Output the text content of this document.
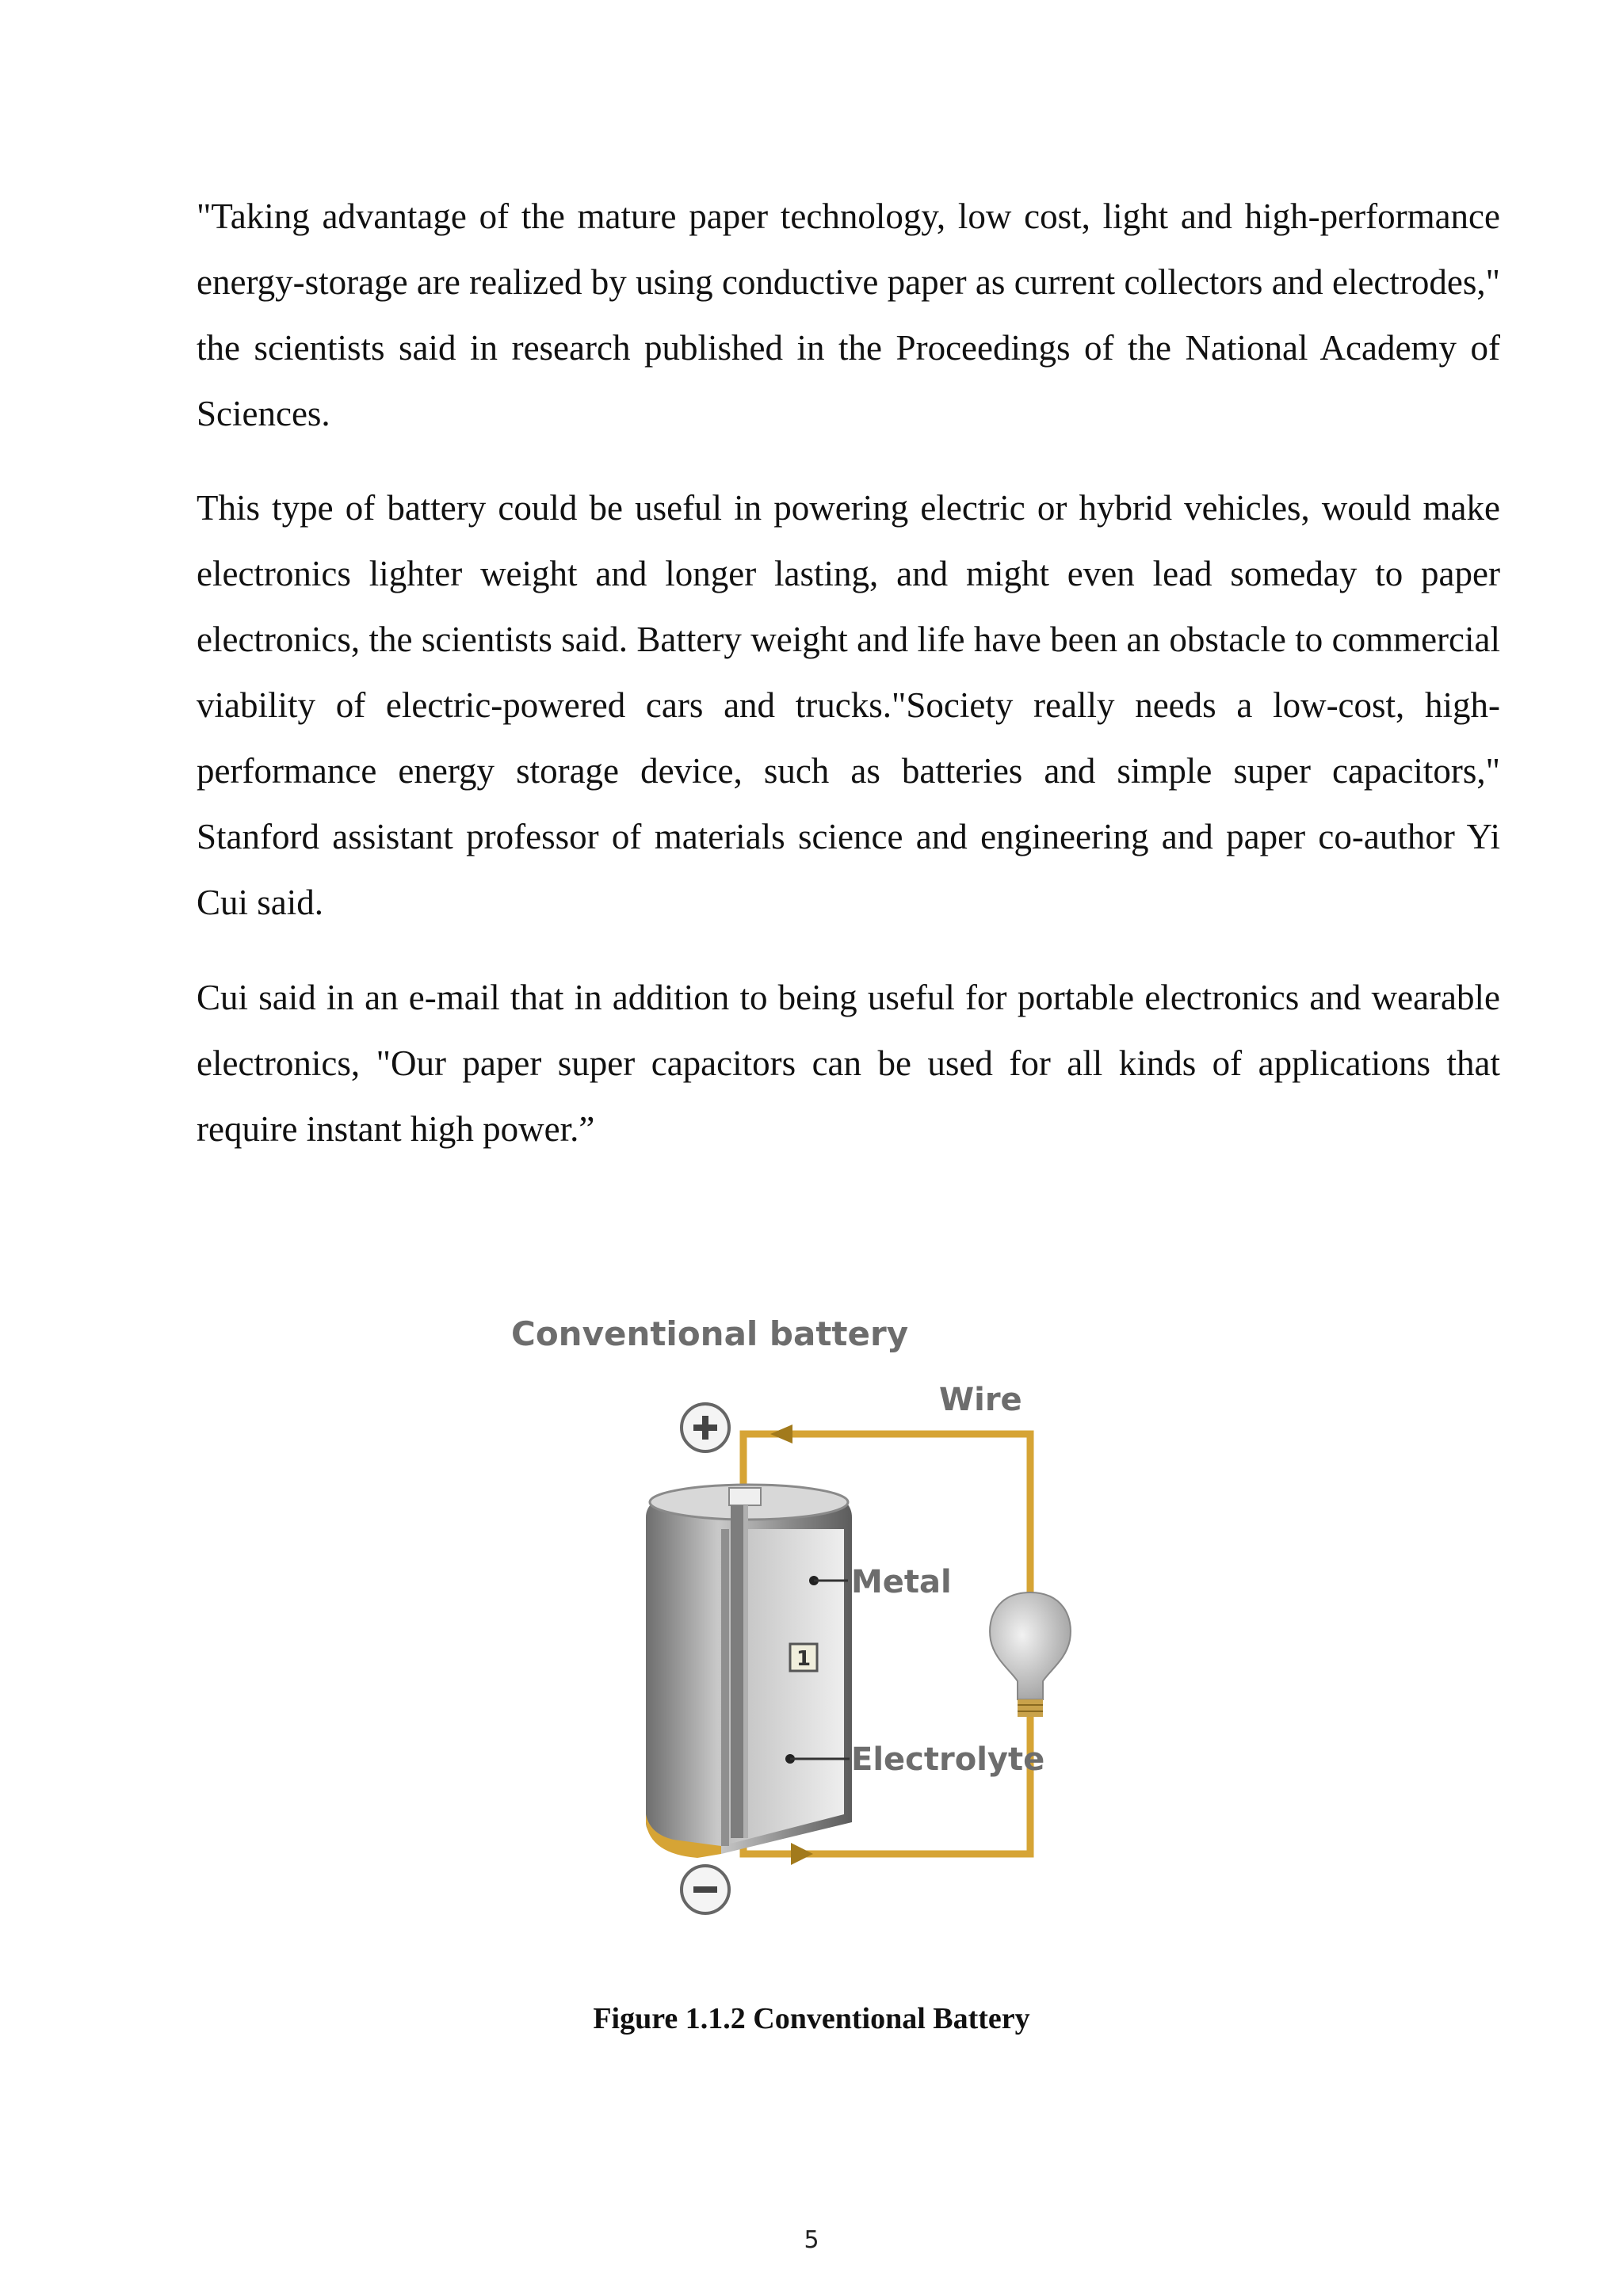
"Taking advantage of the mature paper technology, low cost, light and high-performance energy-storage are realized by using conductive paper as current collectors and electrodes," the scientists said in research published in the Proceedings of the National Academy of Sciences.

This type of battery could be useful in powering electric or hybrid vehicles, would make electronics lighter weight and longer lasting, and might even lead someday to paper electronics, the scientists said. Battery weight and life have been an obstacle to commercial viability of electric-powered cars and trucks."Society really needs a low-cost, high-performance energy storage device, such as batteries and simple super capacitors," Stanford assistant professor of materials science and engineering and paper co-author Yi Cui said.

Cui said in an e-mail that in addition to being useful for portable electronics and wearable electronics, "Our paper super capacitors can be used for all kinds of applications that require instant high power.”

Conventional battery
Wire
1
Metal
Electrolyte
Figure 1.1.2 Conventional Battery
5
